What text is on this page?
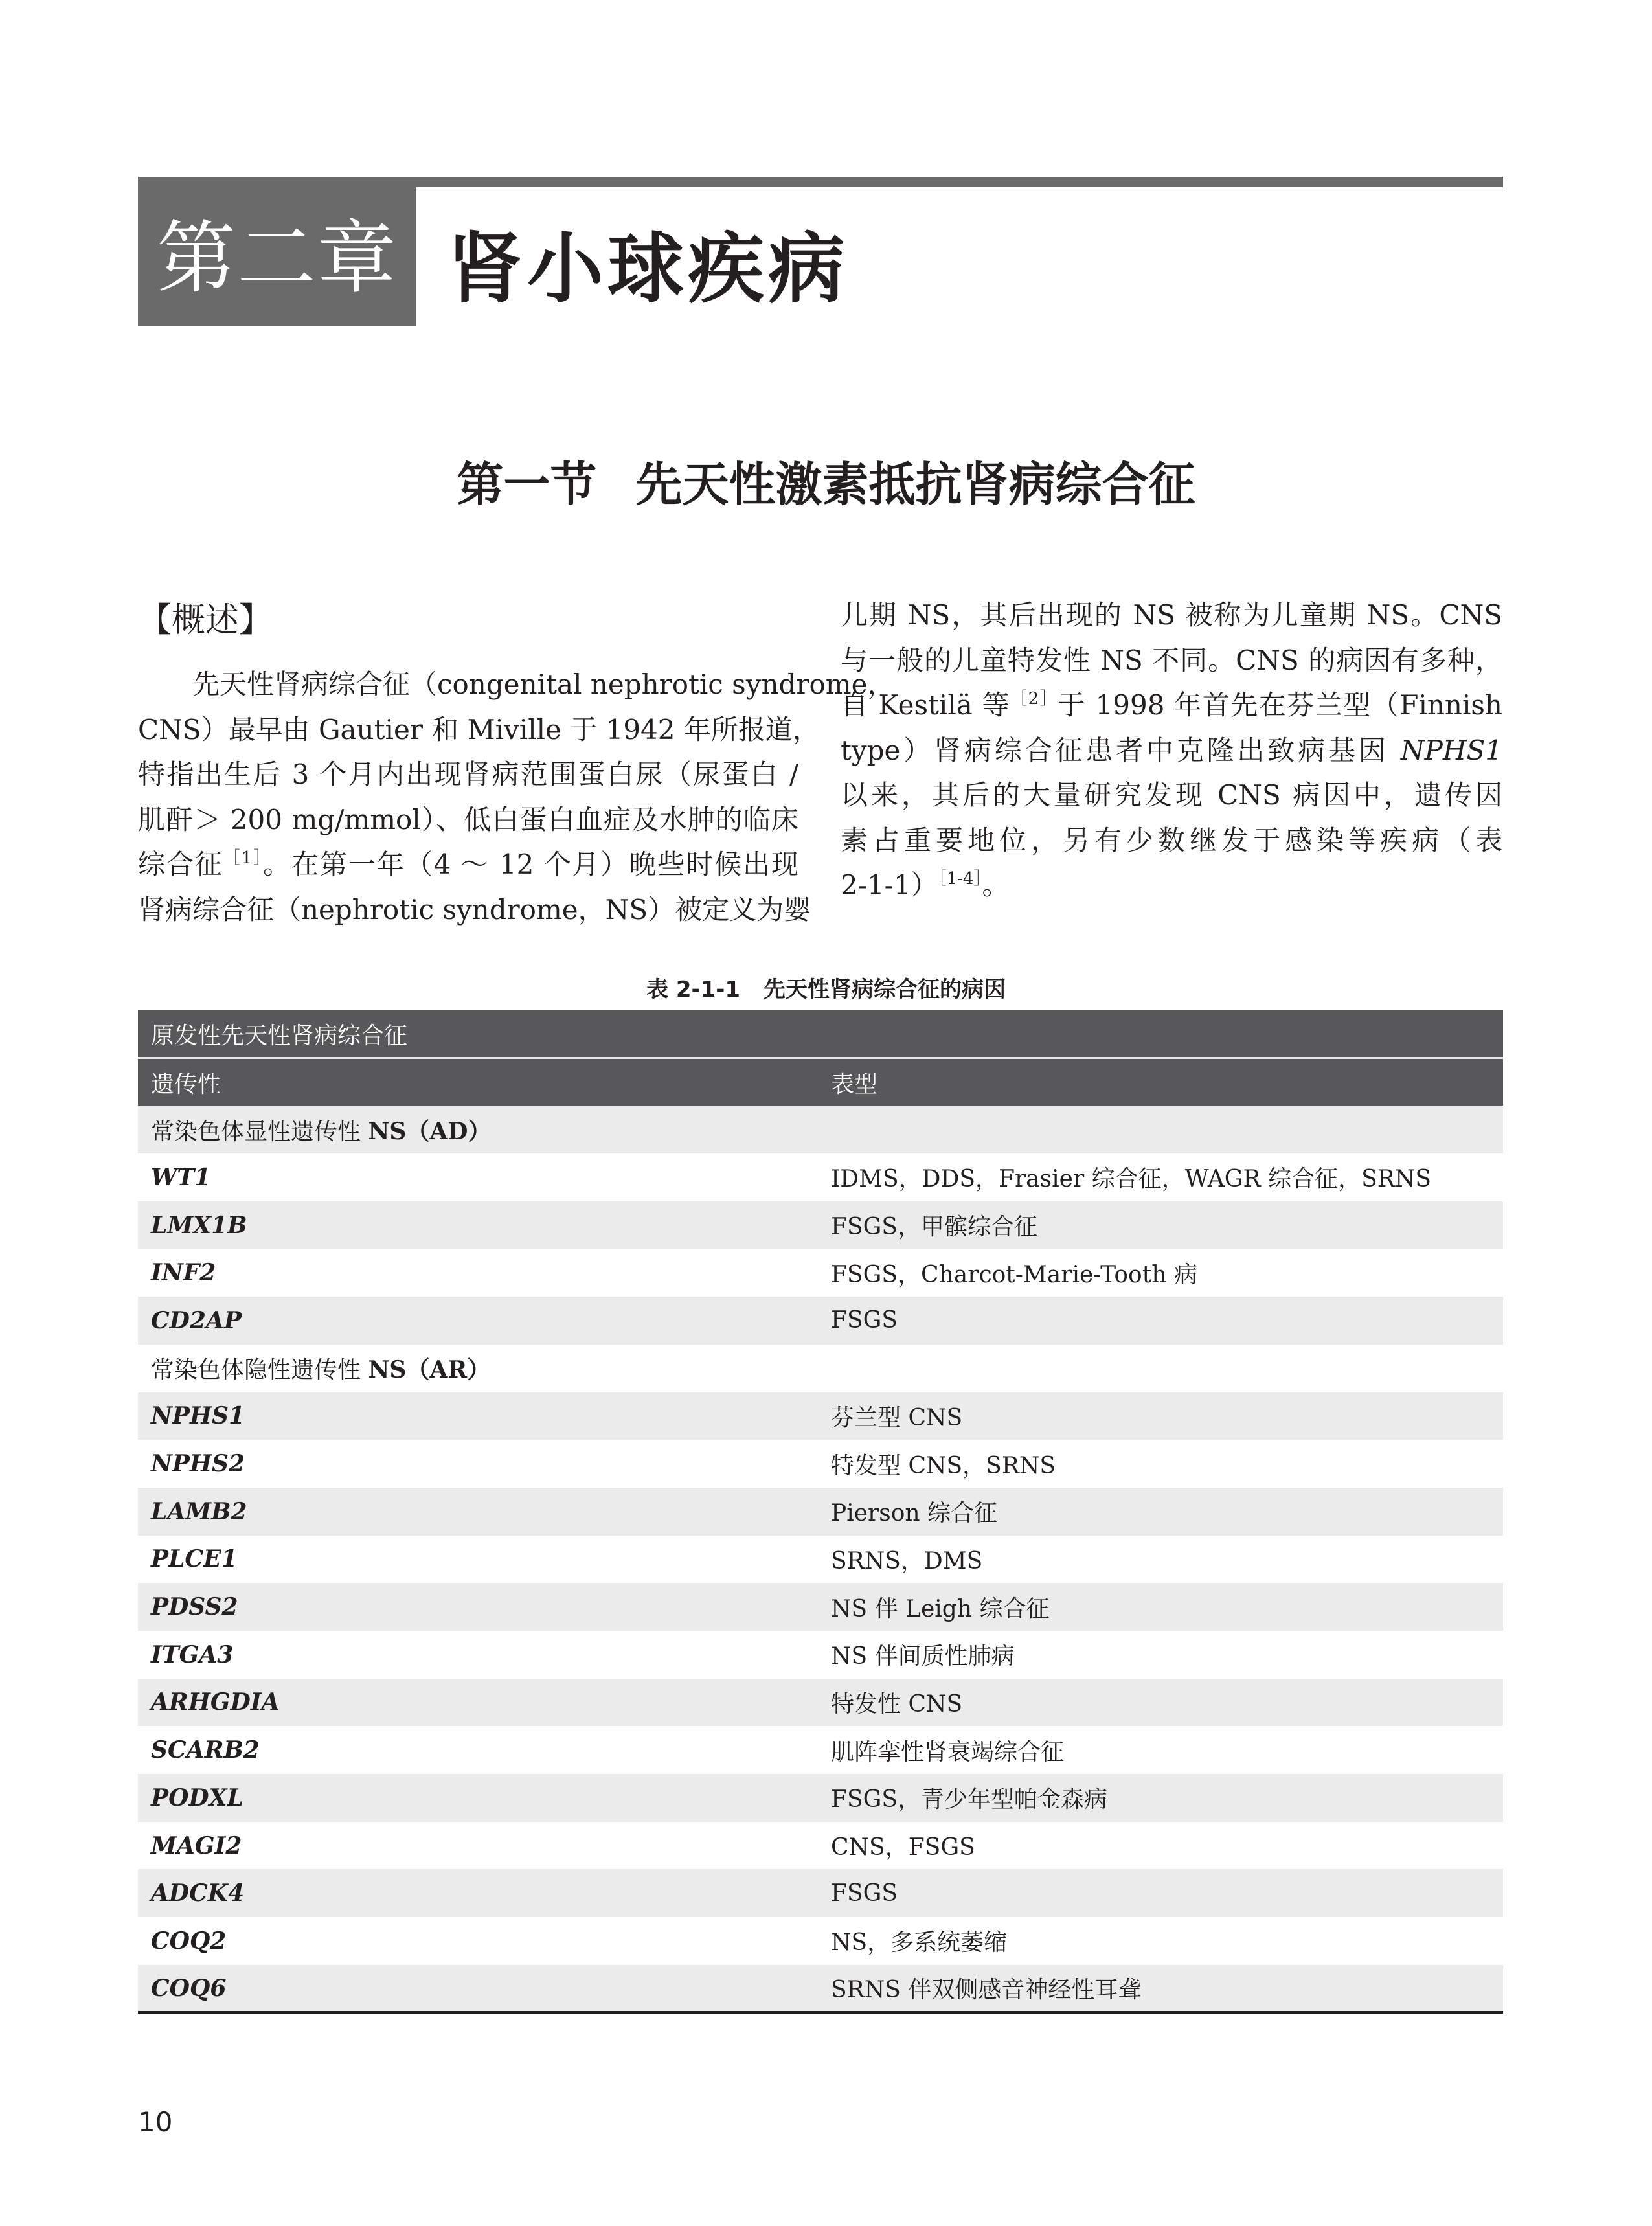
第二章 肾小球疾病
第一节 先天性激素抵抗肾病综合征
【概述】
先天性肾病综合征（congenital nephrotic syndrome，
CNS）最早由 Gautier 和 Miville 于 1942 年所报道，
特指出生后 3 个月内出现肾病范围蛋白尿（尿蛋白 /
肌酐＞ 200 mg/mmol）、低白蛋白血症及水肿的临床
综合征$^{[1]}$。在第一年（4 ～ 12 个月）晚些时候出现
肾病综合征（nephrotic syndrome，NS）被定义为婴
儿期 NS，其后出现的 NS 被称为儿童期 NS。CNS
与一般的儿童特发性 NS 不同。CNS 的病因有多种，
自 Kestilä 等$^{[2]}$于 1998 年首先在芬兰型（Finnish
type）肾病综合征患者中克隆出致病基因 NPHS1
以来，其后的大量研究发现 CNS 病因中，遗传因
素占重要地位，另有少数继发于感染等疾病（表
2-1-1）$^{[1-4]}$。
表 2-1-1 先天性肾病综合征的病因
原发性先天性肾病综合征	
遗传性	表型
常染色体显性遗传性 NS（AD）	
WT1	IDMS，DDS，Frasier 综合征，WAGR 综合征，SRNS
LMX1B	FSGS，甲髌综合征
INF2	FSGS，Charcot-Marie-Tooth 病
CD2AP	FSGS
常染色体隐性遗传性 NS（AR）	
NPHS1	芬兰型 CNS
NPHS2	特发型 CNS，SRNS
LAMB2	Pierson 综合征
PLCE1	SRNS，DMS
PDSS2	NS 伴 Leigh 综合征
ITGA3	NS 伴间质性肺病
ARHGDIA	特发性 CNS
SCARB2	肌阵挛性肾衰竭综合征
PODXL	FSGS，青少年型帕金森病
MAGI2	CNS，FSGS
ADCK4	FSGS
COQ2	NS，多系统萎缩
COQ6	SRNS 伴双侧感音神经性耳聋
10
